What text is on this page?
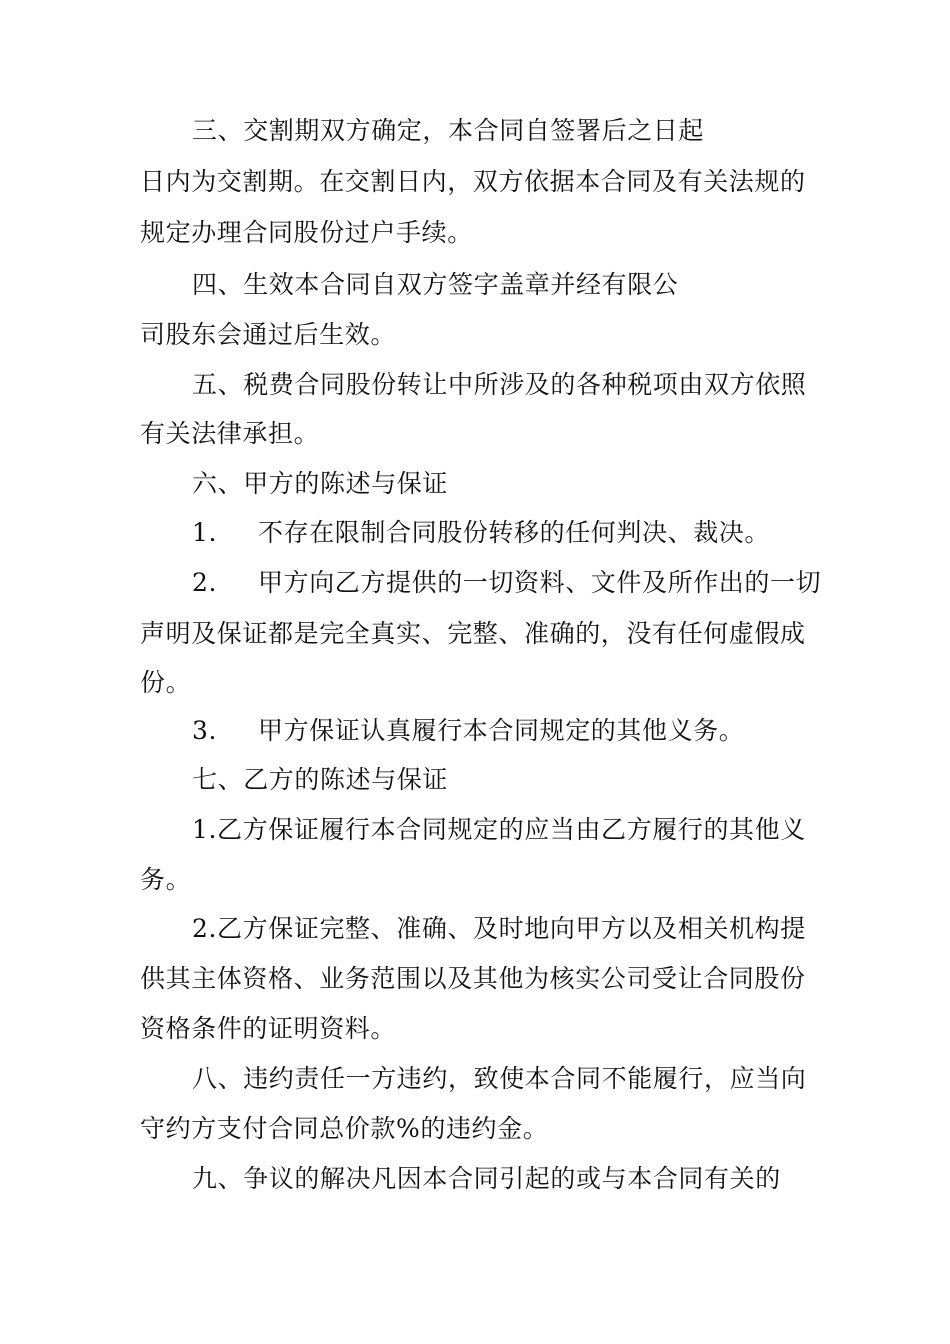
三、交割期双方确定，本合同自签署后之日起
日内为交割期。在交割日内，双方依据本合同及有关法规的
规定办理合同股份过户手续。
四、生效本合同自双方签字盖章并经有限公
司股东会通过后生效。
五、税费合同股份转让中所涉及的各种税项由双方依照
有关法律承担。
六、甲方的陈述与保证
1. 不存在限制合同股份转移的任何判决、裁决。
2. 甲方向乙方提供的一切资料、文件及所作出的一切
声明及保证都是完全真实、完整、准确的，没有任何虚假成
份。
3. 甲方保证认真履行本合同规定的其他义务。
七、乙方的陈述与保证
1.乙方保证履行本合同规定的应当由乙方履行的其他义
务。
2.乙方保证完整、准确、及时地向甲方以及相关机构提
供其主体资格、业务范围以及其他为核实公司受让合同股份
资格条件的证明资料。
八、违约责任一方违约，致使本合同不能履行，应当向
守约方支付合同总价款%的违约金。
九、争议的解决凡因本合同引起的或与本合同有关的
